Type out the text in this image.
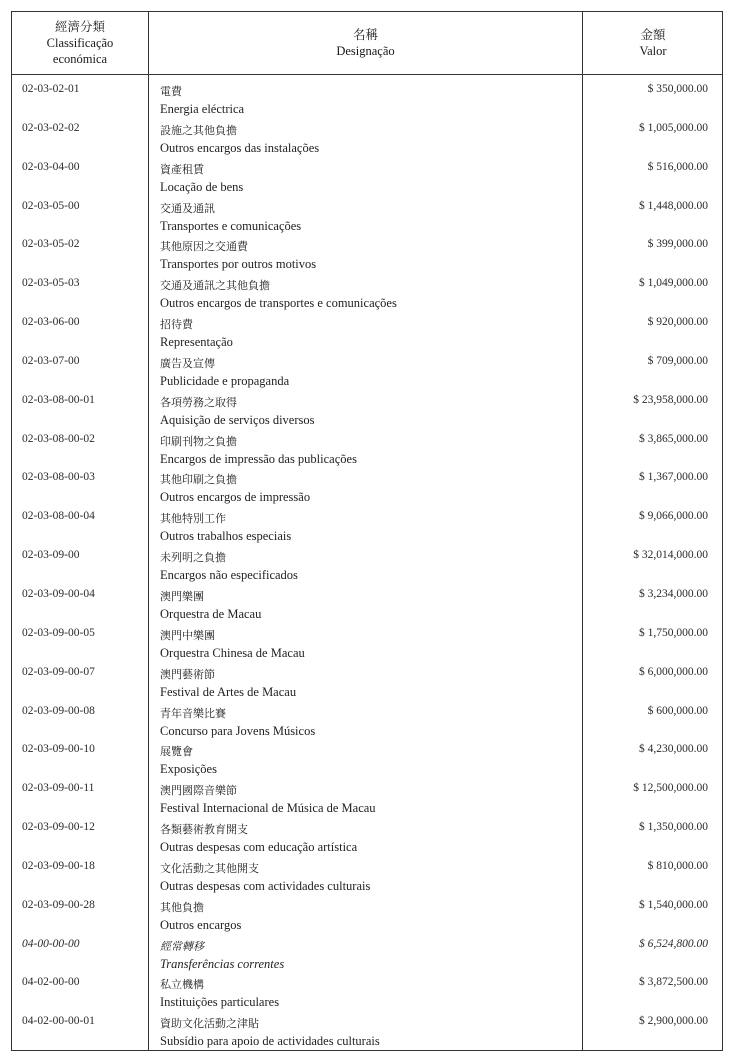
經濟分類
Classificação
económica
名稱
Designação
金額
Valor
02-03-02-01	電費
Energia eléctrica
$ 350,000.00
02-03-02-02	設施之其他負擔
Outros encargos das instalações
$ 1,005,000.00
02-03-04-00	資產租賃
Locação de bens
$ 516,000.00
02-03-05-00	交通及通訊
Transportes e comunicações
$ 1,448,000.00
02-03-05-02	其他原因之交通費
Transportes por outros motivos
$ 399,000.00
02-03-05-03	交通及通訊之其他負擔
Outros encargos de transportes e comunicações
$ 1,049,000.00
02-03-06-00	招待費
Representação
$ 920,000.00
02-03-07-00	廣告及宣傳
Publicidade e propaganda
$ 709,000.00
02-03-08-00-01	各項勞務之取得
Aquisição de serviços diversos
$ 23,958,000.00
02-03-08-00-02	印刷刊物之負擔
Encargos de impressão das publicações
$ 3,865,000.00
02-03-08-00-03	其他印刷之負擔
Outros encargos de impressão
$ 1,367,000.00
02-03-08-00-04	其他特別工作
Outros trabalhos especiais
$ 9,066,000.00
02-03-09-00	未列明之負擔
Encargos não especificados
$ 32,014,000.00
02-03-09-00-04	澳門樂團
Orquestra de Macau
$ 3,234,000.00
02-03-09-00-05	澳門中樂團
Orquestra Chinesa de Macau
$ 1,750,000.00
02-03-09-00-07	澳門藝術節
Festival de Artes de Macau
$ 6,000,000.00
02-03-09-00-08	青年音樂比賽
Concurso para Jovens Músicos
$ 600,000.00
02-03-09-00-10	展覽會
Exposições
$ 4,230,000.00
02-03-09-00-11	澳門國際音樂節
Festival Internacional de Música de Macau
$ 12,500,000.00
02-03-09-00-12	各類藝術教育開支
Outras despesas com educação artística
$ 1,350,000.00
02-03-09-00-18	文化活動之其他開支
Outras despesas com actividades culturais
$ 810,000.00
02-03-09-00-28	其他負擔
Outros encargos
$ 1,540,000.00
04-00-00-00	經常轉移
Transferências correntes
$ 6,524,800.00
04-02-00-00	私立機構
Instituições particulares
$ 3,872,500.00
04-02-00-00-01	資助文化活動之津貼
Subsídio para apoio de actividades culturais
$ 2,900,000.00
